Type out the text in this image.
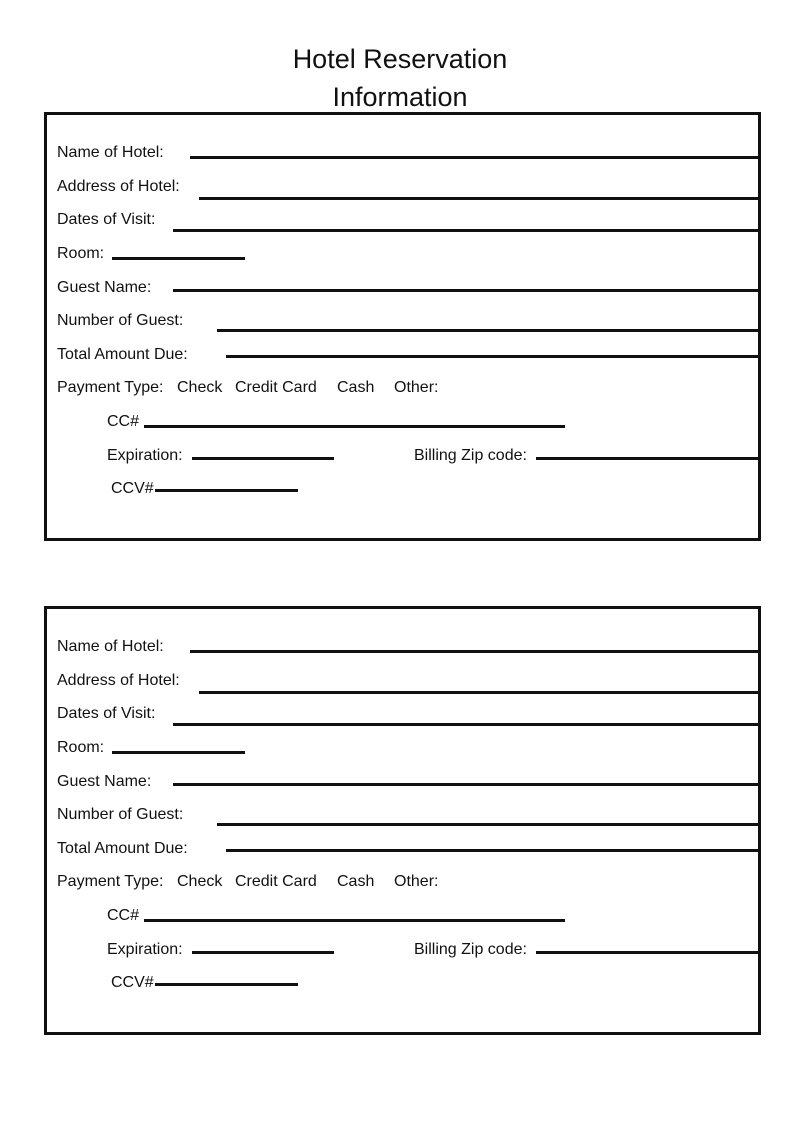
Hotel Reservation
Information
Name of Hotel:
Address of Hotel:
Dates of Visit:
Room:
Guest Name:
Number of Guest:
Total Amount Due:
Payment Type: Check Credit Card Cash Other:
CC#
Expiration:	Billing Zip code:
CCV#
Name of Hotel:
Address of Hotel:
Dates of Visit:
Room:
Guest Name:
Number of Guest:
Total Amount Due:
Payment Type: Check Credit Card Cash Other:
CC#
Expiration:	Billing Zip code:
CCV#
